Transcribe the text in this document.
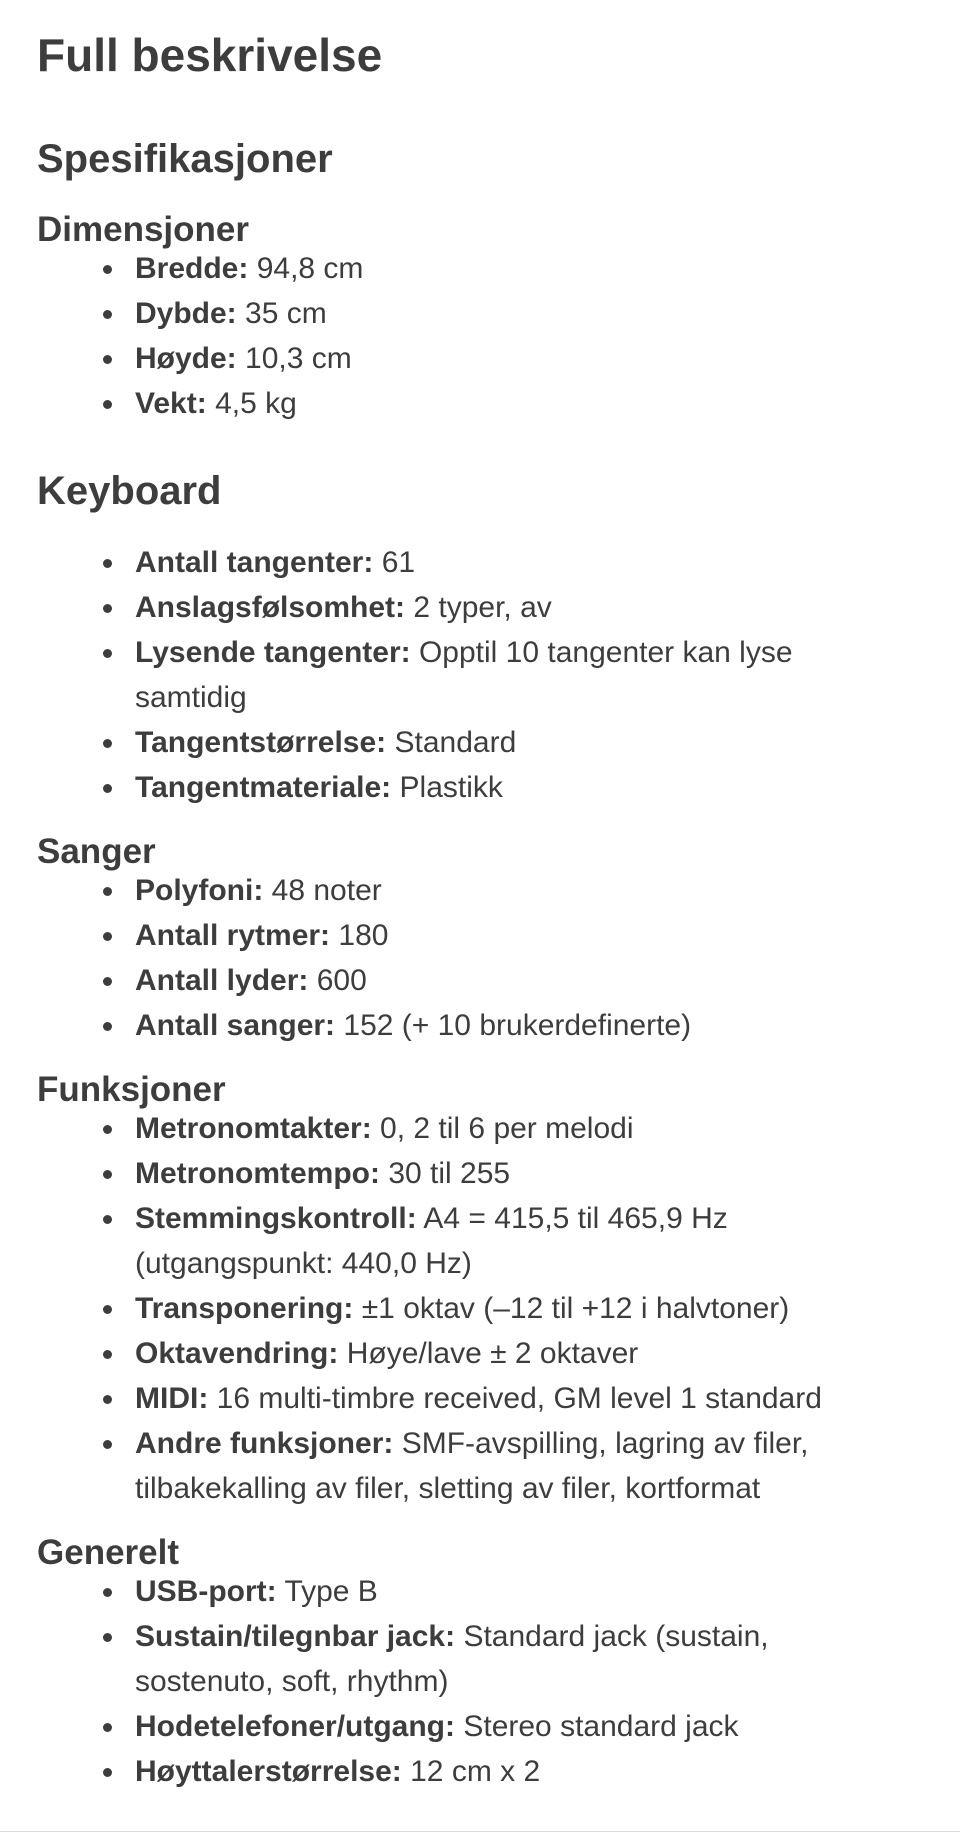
Full beskrivelse
Spesifikasjoner
Dimensjoner
Bredde: 94,8 cm
Dybde: 35 cm
Høyde: 10,3 cm
Vekt: 4,5 kg
Keyboard
Antall tangenter: 61
Anslagsfølsomhet: 2 typer, av
Lysende tangenter: Opptil 10 tangenter kan lyse samtidig
Tangentstørrelse: Standard
Tangentmateriale: Plastikk
Sanger
Polyfoni: 48 noter
Antall rytmer: 180
Antall lyder: 600
Antall sanger: 152 (+ 10 brukerdefinerte)
Funksjoner
Metronomtakter: 0, 2 til 6 per melodi
Metronomtempo: 30 til 255
Stemmingskontroll: A4 = 415,5 til 465,9 Hz (utgangspunkt: 440,0 Hz)
Transponering: ±1 oktav (–12 til +12 i halvtoner)
Oktavendring: Høye/lave ± 2 oktaver
MIDI: 16 multi-timbre received, GM level 1 standard
Andre funksjoner: SMF-avspilling, lagring av filer, tilbakekalling av filer, sletting av filer, kortformat
Generelt
USB-port: Type B
Sustain/tilegnbar jack: Standard jack (sustain, sostenuto, soft, rhythm)
Hodetelefoner/utgang: Stereo standard jack
Høyttalerstørrelse: 12 cm x 2
